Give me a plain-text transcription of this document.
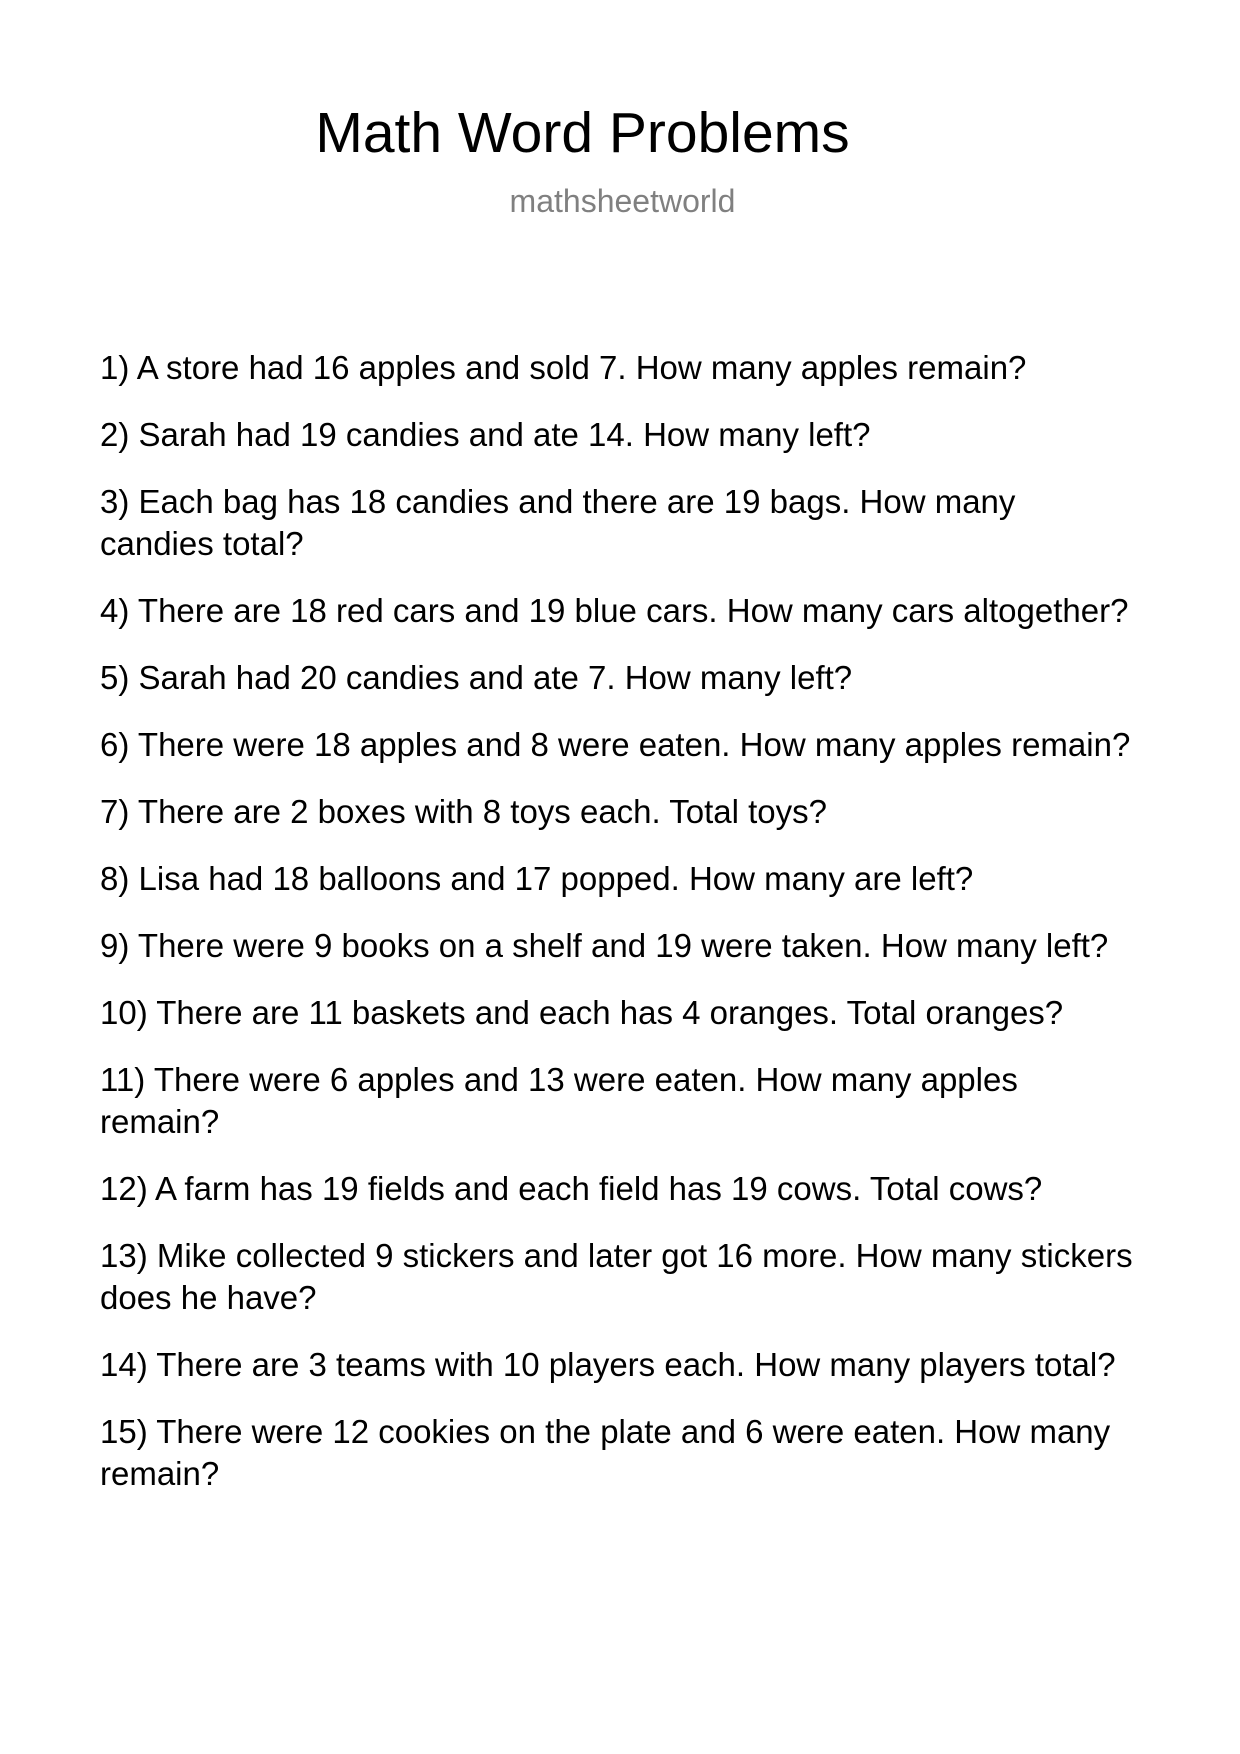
Math Word Problems
mathsheetworld
1) A store had 16 apples and sold 7. How many apples remain?
2) Sarah had 19 candies and ate 14. How many left?
3) Each bag has 18 candies and there are 19 bags. How many candies total?
4) There are 18 red cars and 19 blue cars. How many cars altogether?
5) Sarah had 20 candies and ate 7. How many left?
6) There were 18 apples and 8 were eaten. How many apples remain?
7) There are 2 boxes with 8 toys each. Total toys?
8) Lisa had 18 balloons and 17 popped. How many are left?
9) There were 9 books on a shelf and 19 were taken. How many left?
10) There are 11 baskets and each has 4 oranges. Total oranges?
11) There were 6 apples and 13 were eaten. How many apples remain?
12) A farm has 19 fields and each field has 19 cows. Total cows?
13) Mike collected 9 stickers and later got 16 more. How many stickers does he have?
14) There are 3 teams with 10 players each. How many players total?
15) There were 12 cookies on the plate and 6 were eaten. How many remain?
